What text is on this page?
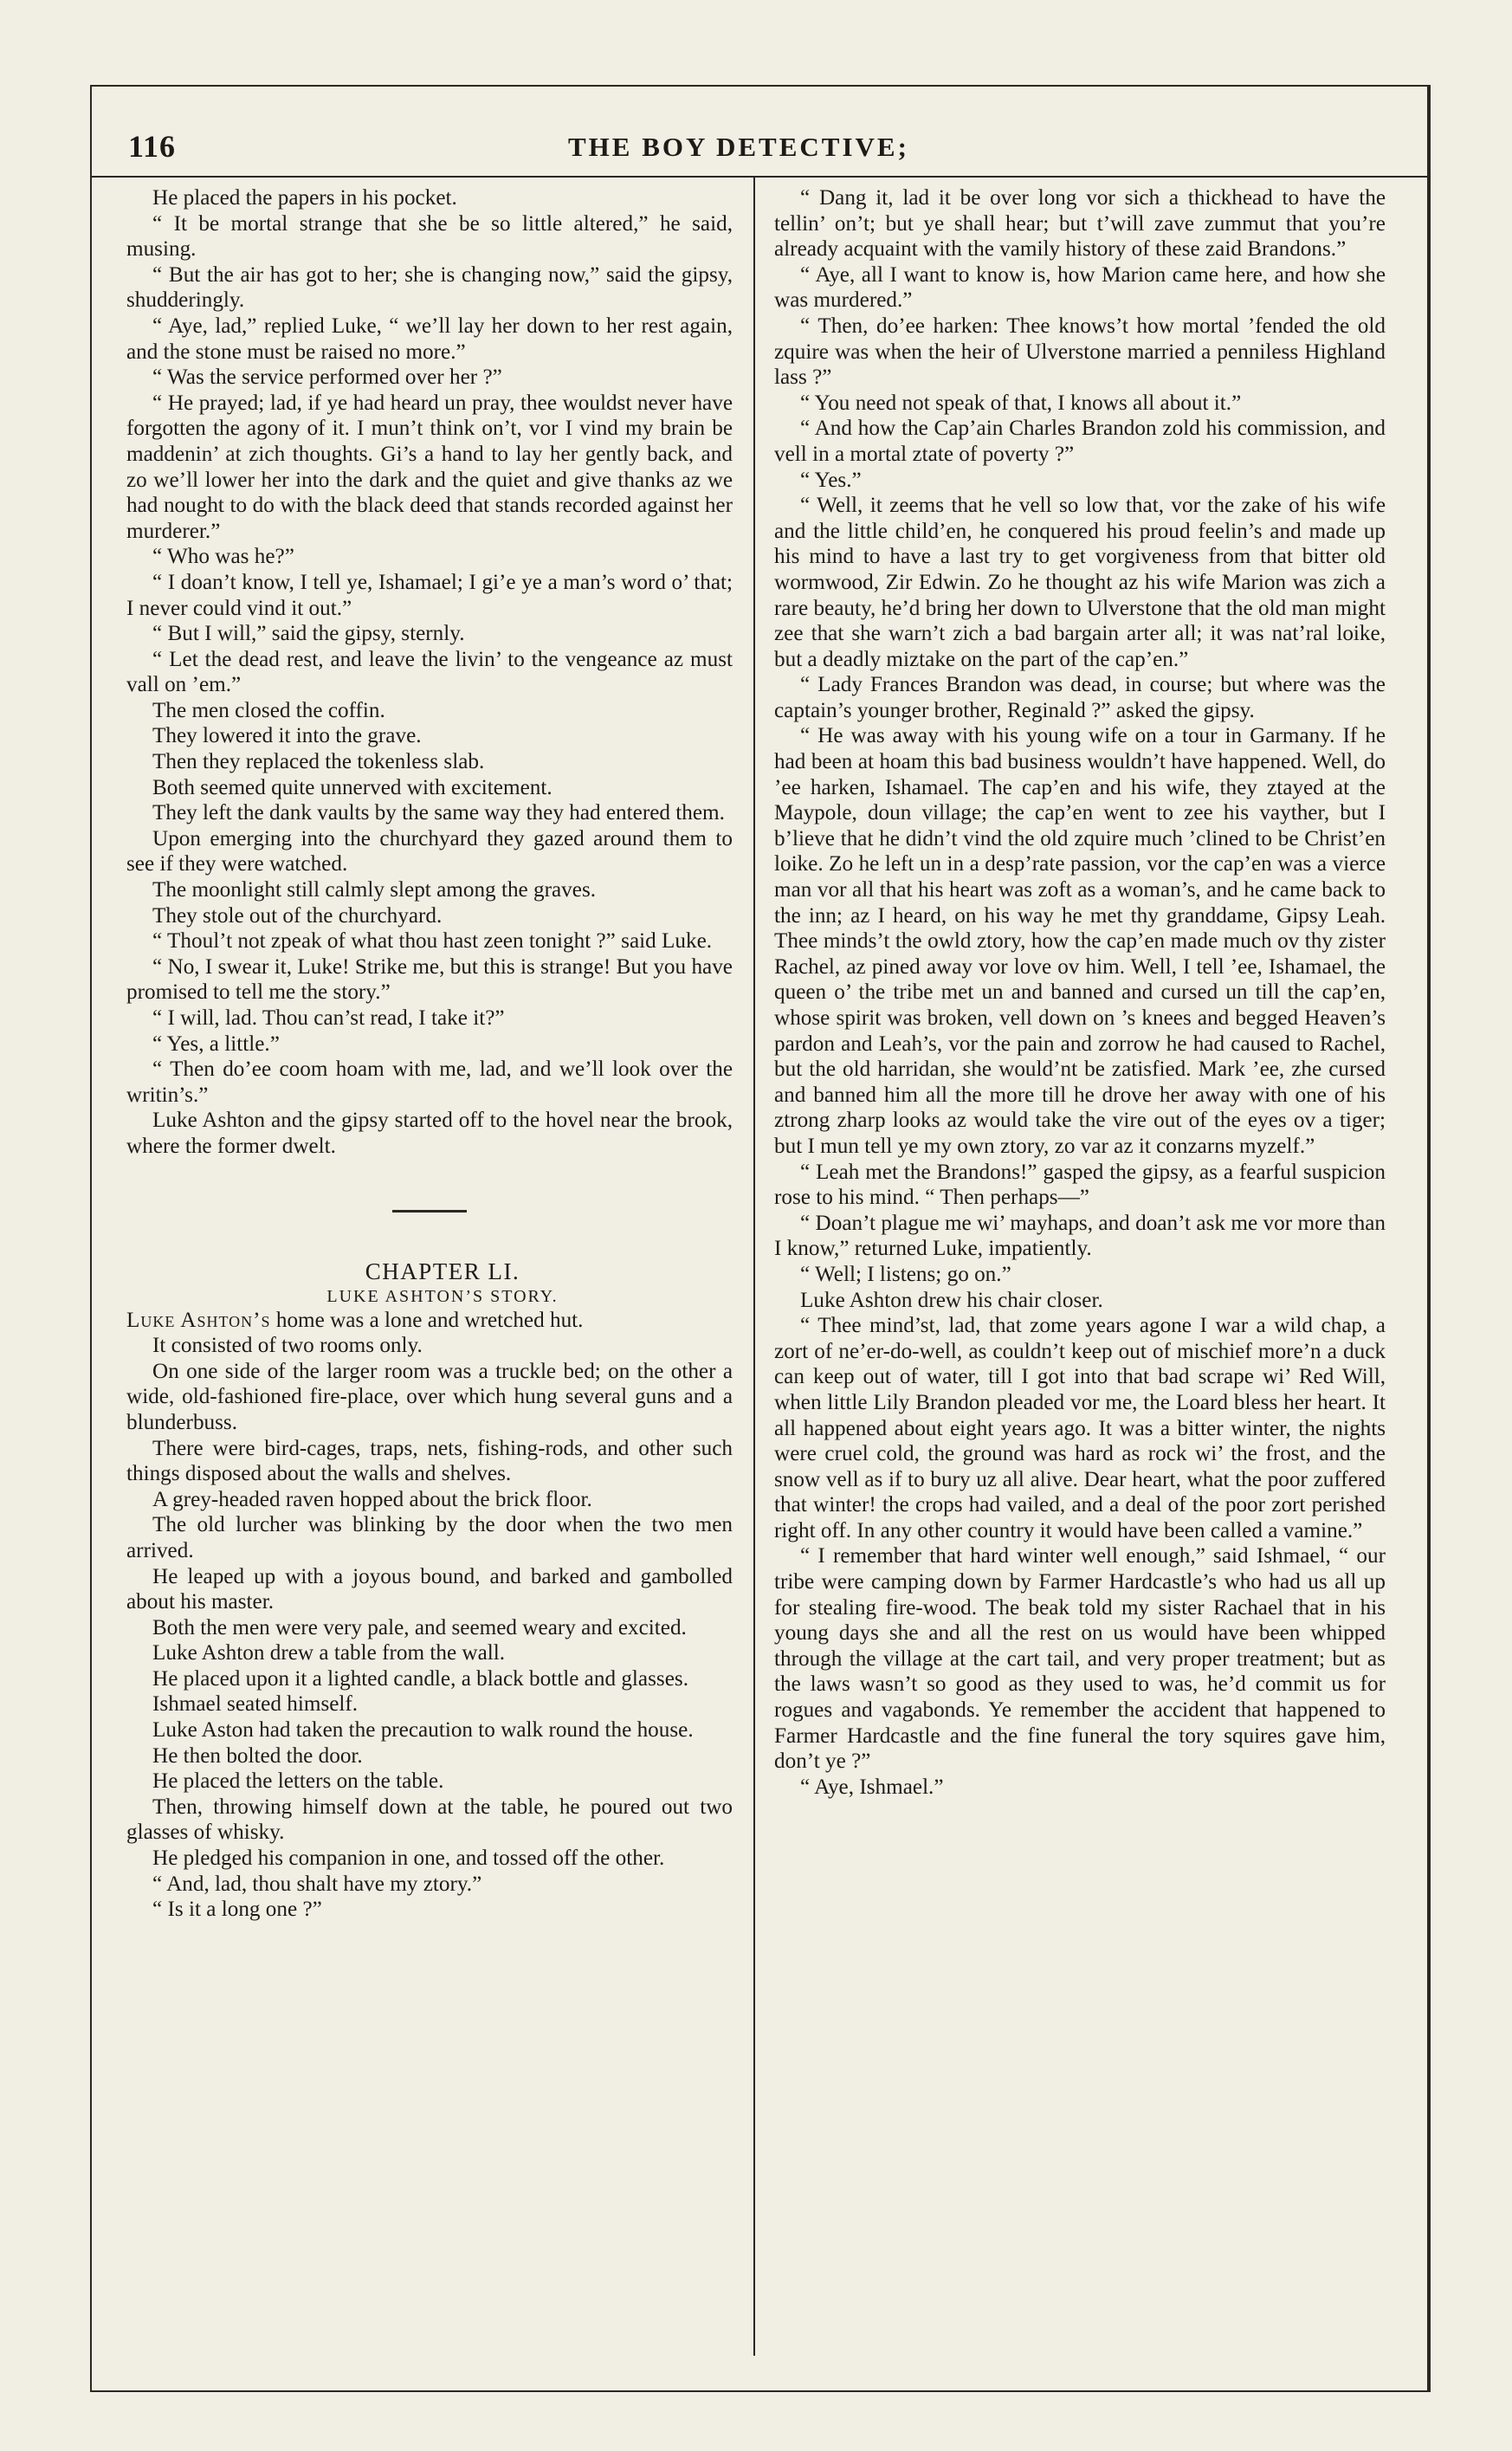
116	THE BOY DETECTIVE;

He placed the papers in his pocket.

“ It be mortal strange that she be so little altered,” he said, musing.

“ But the air has got to her; she is changing now,” said the gipsy, shudderingly.

“ Aye, lad,” replied Luke, “ we’ll lay her down to her rest again, and the stone must be raised no more.”

“ Was the service performed over her ?”

“ He prayed; lad, if ye had heard un pray, thee wouldst never have forgotten the agony of it. I mun’t think on’t, vor I vind my brain be maddenin’ at zich thoughts. Gi’s a hand to lay her gently back, and zo we’ll lower her into the dark and the quiet and give thanks az we had nought to do with the black deed that stands recorded against her murderer.”

“ Who was he?”

“ I doan’t know, I tell ye, Ishamael; I gi’e ye a man’s word o’ that; I never could vind it out.”

“ But I will,” said the gipsy, sternly.

“ Let the dead rest, and leave the livin’ to the vengeance az must vall on ’em.”

The men closed the coffin.

They lowered it into the grave.

Then they replaced the tokenless slab.

Both seemed quite unnerved with excitement.

They left the dank vaults by the same way they had entered them.

Upon emerging into the churchyard they gazed around them to see if they were watched.

The moonlight still calmly slept among the graves.

They stole out of the churchyard.

“ Thoul’t not zpeak of what thou hast zeen tonight ?” said Luke.

“ No, I swear it, Luke! Strike me, but this is strange! But you have promised to tell me the story.”

“ I will, lad. Thou can’st read, I take it?”

“ Yes, a little.”

“ Then do’ee coom hoam with me, lad, and we’ll look over the writin’s.”

Luke Ashton and the gipsy started off to the hovel near the brook, where the former dwelt.

CHAPTER LI.

LUKE ASHTON’S STORY.

Luke Ashton’s home was a lone and wretched hut.

It consisted of two rooms only.

On one side of the larger room was a truckle bed; on the other a wide, old-fashioned fire-place, over which hung several guns and a blunderbuss.

There were bird-cages, traps, nets, fishing-rods, and other such things disposed about the walls and shelves.

A grey-headed raven hopped about the brick floor.

The old lurcher was blinking by the door when the two men arrived.

He leaped up with a joyous bound, and barked and gambolled about his master.

Both the men were very pale, and seemed weary and excited.

Luke Ashton drew a table from the wall.

He placed upon it a lighted candle, a black bottle and glasses.

Ishmael seated himself.

Luke Aston had taken the precaution to walk round the house.

He then bolted the door.

He placed the letters on the table.

Then, throwing himself down at the table, he poured out two glasses of whisky.

He pledged his companion in one, and tossed off the other.

“ And, lad, thou shalt have my ztory.”

“ Is it a long one ?”

“ Dang it, lad it be over long vor sich a thickhead to have the tellin’ on’t; but ye shall hear; but t’will zave zummut that you’re already acquaint with the vamily history of these zaid Brandons.”

“ Aye, all I want to know is, how Marion came here, and how she was murdered.”

“ Then, do’ee harken: Thee knows’t how mortal ’fended the old zquire was when the heir of Ulverstone married a penniless Highland lass ?”

“ You need not speak of that, I knows all about it.”

“ And how the Cap’ain Charles Brandon zold his commission, and vell in a mortal ztate of poverty ?”

“ Yes.”

“ Well, it zeems that he vell so low that, vor the zake of his wife and the little child’en, he conquered his proud feelin’s and made up his mind to have a last try to get vorgiveness from that bitter old wormwood, Zir Edwin. Zo he thought az his wife Marion was zich a rare beauty, he’d bring her down to Ulverstone that the old man might zee that she warn’t zich a bad bargain arter all; it was nat’ral loike, but a deadly miztake on the part of the cap’en.”

“ Lady Frances Brandon was dead, in course; but where was the captain’s younger brother, Reginald ?” asked the gipsy.

“ He was away with his young wife on a tour in Garmany. If he had been at hoam this bad business wouldn’t have happened. Well, do ’ee harken, Ishamael. The cap’en and his wife, they ztayed at the Maypole, doun village; the cap’en went to zee his vayther, but I b’lieve that he didn’t vind the old zquire much ’clined to be Christ’en loike. Zo he left un in a desp’rate passion, vor the cap’en was a vierce man vor all that his heart was zoft as a woman’s, and he came back to the inn; az I heard, on his way he met thy granddame, Gipsy Leah. Thee minds’t the owld ztory, how the cap’en made much ov thy zister Rachel, az pined away vor love ov him. Well, I tell ’ee, Ishamael, the queen o’ the tribe met un and banned and cursed un till the cap’en, whose spirit was broken, vell down on ’s knees and begged Heaven’s pardon and Leah’s, vor the pain and zorrow he had caused to Rachel, but the old harridan, she would’nt be zatisfied. Mark ’ee, zhe cursed and banned him all the more till he drove her away with one of his ztrong zharp looks az would take the vire out of the eyes ov a tiger; but I mun tell ye my own ztory, zo var az it conzarns myzelf.”

“ Leah met the Brandons!” gasped the gipsy, as a fearful suspicion rose to his mind. “ Then perhaps—”

“ Doan’t plague me wi’ mayhaps, and doan’t ask me vor more than I know,” returned Luke, impatiently.

“ Well; I listens; go on.”

Luke Ashton drew his chair closer.

“ Thee mind’st, lad, that zome years agone I war a wild chap, a zort of ne’er-do-well, as couldn’t keep out of mischief more’n a duck can keep out of water, till I got into that bad scrape wi’ Red Will, when little Lily Brandon pleaded vor me, the Loard bless her heart. It all happened about eight years ago. It was a bitter winter, the nights were cruel cold, the ground was hard as rock wi’ the frost, and the snow vell as if to bury uz all alive. Dear heart, what the poor zuffered that winter! the crops had vailed, and a deal of the poor zort perished right off. In any other country it would have been called a vamine.”

“ I remember that hard winter well enough,” said Ishmael, “ our tribe were camping down by Farmer Hardcastle’s who had us all up for stealing fire-wood. The beak told my sister Rachael that in his young days she and all the rest on us would have been whipped through the village at the cart tail, and very proper treatment; but as the laws wasn’t so good as they used to was, he’d commit us for rogues and vagabonds. Ye remember the accident that happened to Farmer Hardcastle and the fine funeral the tory squires gave him, don’t ye ?”

“ Aye, Ishmael.”
